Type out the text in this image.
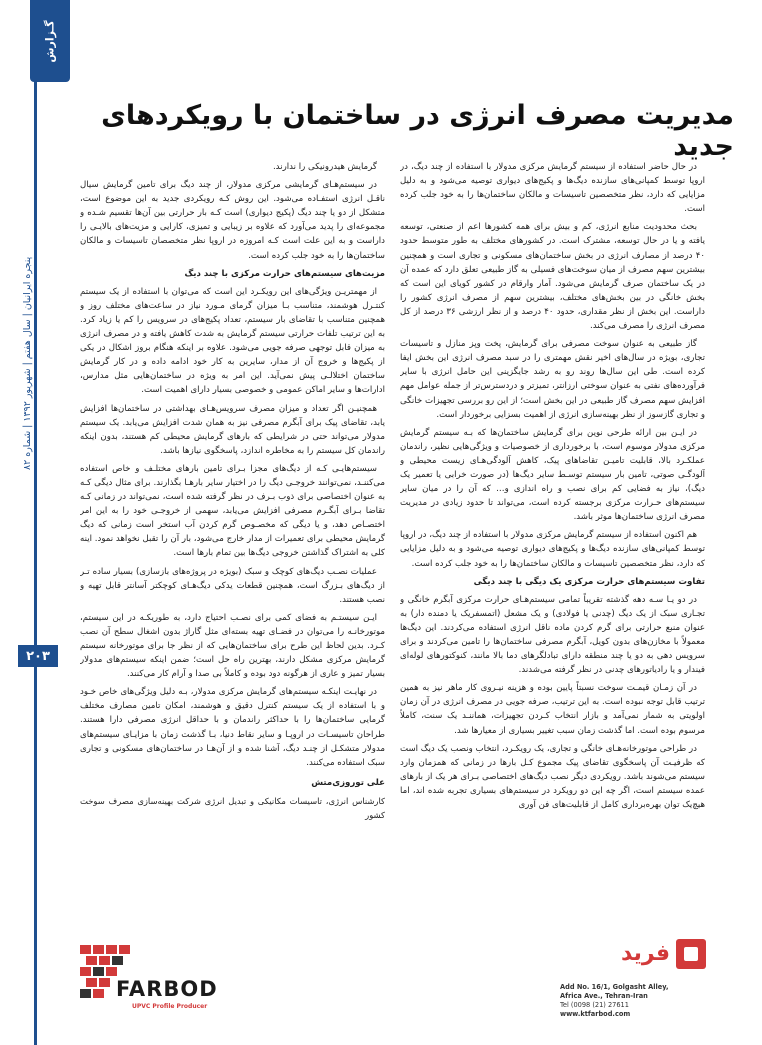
گـزارش
پنجره ایرانیان | سال هفتم | شهریور ۱۳۹۲ | شماره ۸۲
۲۰۳
مدیریت مصرف انرژی در ساختمان با رویکردهای جدید

در حال حاضر استفاده از سیستم گرمایش مرکزی مدولار با استفاده از چند دیگ، در اروپا توسط کمپانی‌های سازنده دیگ‌ها و پکیج‌های دیواری توصیه می‌شود و به دلیل مزایایی که دارد، نظر متخصصین تاسیسات و مالکان ساختمان‌ها را به خود جلب کرده است.

بحث محدودیت منابع انرژی، کم و بیش برای همه کشورها اعم از صنعتی، توسعه یافته و یا در حال توسعه، مشترک است. در کشورهای مختلف به طور متوسط حدود ۴۰ درصد از مصارف انرژی در بخش ساختمان‌های مسکونی و تجاری است و همچنین بیشترین سهم مصرف از میان سوخت‌های فسیلی به گاز طبیعی تعلق دارد که عمده آن در یک ساختمان صرف گرمایش می‌شود. آمار وارقام در کشور کویای این است که بخش خانگی در بین بخش‌های مختلف، بیشترین سهم از مصرف انرژی کشور را داراست. این بخش از نظر مقداری، حدود ۴۰ درصد و از نظر ارزشی ۳۶ درصد از کل مصرف انرژی را مصرف می‌کند.

گاز طبیعی به عنوان سوخت مصرفی برای گرمایش، پخت وپز منازل و تاسیسات تجاری، بویژه در سال‌های اخیر نقش مهمتری را در سبد مصرف انرژی این بخش ایفا کرده است. طی این سال‌ها روند رو به رشد جایگزینی این حامل انرژی با سایر فرآورده‌های نفتی به عنوان سوختی ارزانتر، تمیزتر و دردسترس‌تر از جمله عوامل مهم افزایش سهم مصرف گاز طبیعی در این بخش است؛ از این رو بررسی تجهیزات خانگی و تجاری گازسوز از نظر بهینه‌سازی انرژی از اهمیت بسزایی برخوردار است.

در ایـن بین ارائه طرحی نوین برای گرمایش ساختمان‌ها که بـه سیستم گرمایش مرکزی مدولار موسوم است، با برخورداری از خصوصیات و ویژگی‌هایی نظیر، راندمان عملکـرد بالا، قابلیت تامیـن تقاضاهای پیک، کاهش آلودگی‌هـای زیست محیطی و آلودگـی صوتی، تامین بار سیستم توسـط سایر دیگ‌ها (در صورت خرابی یا تعمیر یک دیگ)، نیاز به فضایی کم برای نصب و راه اندازی و… که آن‌ را در میان سایر سیستم‌های حـرارت مرکزی برجسته کرده است، می‌تواند تا حدود زیادی در مدیریت مصرف انرژی ساختمان‌ها موثر باشد.

هم اکنون استفاده از سیستم گرمایش مرکزی مدولار با استفاده از چند دیگ، در اروپا توسط کمپانی‌های سازنده دیگ‌ها و پکیج‌های دیواری توصیه می‌شود و به دلیل مزایایی که دارد، نظر متخصصین تاسیسات و مالکان ساختمان‌ها را به خود جلب کرده است.

تفاوت سیستم‌های حرارت مرکزی یک دیگی با چند دیگی

در دو یـا سـه دهه گذشته تقریباً تمامی سیستم‌هـای حرارت مرکزی آبگرم خانگی و تجـاری سبک از یک دیگ (چدنی یا فولادی) و یک مشعل (اتمسفریک یا دمنده دار) به عنوان منبع حرارتی برای گرم کردن ماده ناقل انرژی استفاده می‌کردند. این دیگ‌ها معمولاً با مخازن‌های بدون کویل، آبگرم مصرفی ساختمان‌ها را تامین می‌کردند و برای سرویس دهی به دو یا چند منطقه دارای تبادلگرهای دما بالا مانند، کنوکتورهای لوله‌ای فیندار و یا رادیاتورهای چدنی در نظر گرفته می‌شدند.

در آن زمـان قیمـت سوخت نسبتاً پایین بوده و هزینه نیـروی کار ماهر نیز به همین ترتیب قابل توجه نبوده است. به این ترتیب، صرفه جویی در مصرف انرژی در آن زمان اولویتی به شمار نمی‌آمد و بازار انتخاب کـردن تجهیزات، هماننـد یک سنت، کاملاً مرسوم بوده است. اما گذشت زمان سبب تغییر بسیاری از معیارها شد.

در طراحی موتورخانه‌هـای خانگی و تجاری، یک رویکـرد، انتخاب ونصب یک دیگ است که ظرفیـت آن پاسخگوی تقاضای پیک مجموع کـل بارها در زمانی که همزمان وارد سیستم می‌شوند باشد. رویکردی دیگر نصب دیگ‌های اختصاصی بـرای هر یک از بارهای عمده سیستم است، اگر چه این دو رویکرد در سیستم‌های بسیاری تجربه شده اند، اما هیچ‌یک توان بهره‌برداری کامل از قابلیت‌های فن آوری

گرمایش هیدرونیکی را ندارند.

در سیستم‌هـای گرمایشی مرکزی مدولار، از چند دیگ برای تامین گرمایش سیال ناقـل انرژی استفـاده می‌شود. این روش کـه رویکردی جدید به این موضوع است، متشکل از دو یا چند دیگ (پکیج دیواری) است کـه بار حرارتی بین آن‌ها تقسیم شـده و مجموعه‌ای را پدید می‌آورد که علاوه بر زیبایی و تمیزی، کارایی و مزیت‌های بالایـی را داراست و به این علت است کـه امروزه در اروپا نظر متخصصان تاسیسات و مالکان ساختمان‌ها را به خود جلب کرده است.

مزیت‌های سیستم‌های حرارت مرکزی با چند دیگ

از مهمتریـن ویژگی‌های این رویکـرد این است که می‌توان با استفاده از یک سیستم کنتـرل هوشمند، متناسب بـا میزان گرمای مـورد نیاز در ساعت‌های مختلف روز و همچنین متناسب با تقاضای بار سیستم، تعداد پکیج‌های در سرویس را کم یا زیاد کرد. به این ترتیب تلفات حرارتی سیستم گرمایش به شدت کاهش یافته و در مصرف انرژی به میزان قابل توجهی صرفه جویی می‌شود. علاوه بر اینکه هنگام بروز اشکال در یکی از پکیج‌ها و خروج آن از مدار، سایرین به کار خود ادامه داده و در کار گرمایش ساختمان اختلالـی پیش نمی‌آید. این امر به ویژه در ساختمان‌هایی مثل مدارس، ادارات‌ها و سایر اماکن عمومی و خصوصی بسیار دارای اهمیت است.

همچنیـن اگر تعداد و میزان مصرف سرویس‌هـای بهداشتی در ساختمان‌ها افزایش یابد، تقاضای پیک برای آبگرم مصرفی نیز به همان شدت افزایش می‌یابد. یک سیستم مدولار می‌تواند حتی در شرایطی که بارهای گرمایش محیطی کم هستند، بدون اینکه راندمان کل سیستم را به مخاطره اندازد، پاسخگوی نیازها باشد.

سیستم‌هایـی کـه از دیگ‌های مجزا بـرای تامین بارهای مختلـف و خاص استفاده می‌کننـد، نمی‌توانند خروجـی دیگ را در اختیار سایر بارهـا بگذارند. برای مثال دیگی کـه به عنوان اختصاصی برای ذوب بـرف در نظر گرفته شده است، نمی‌تواند در زمانی کـه تقاضا بـرای آبگـرم مصرفی افزایش می‌یابد، سهمی از خروجـی خود را به این امر اختصـاص دهد، و یا دیگی که مخصـوص گرم کردن آب استخر است زمانی که دیگ گرمایش محیطی برای تعمیرات از مدار خارج می‌شود، بار آن را تقبل نخواهد نمود. اینه کلی به اشتراک گذاشتن خروجی دیگ‌ها بین تمام بارها است.

عملیات نصـب دیگ‌های کوچک و سبک (بویژه در پروژه‌های بازسازی) بسیار ساده تـر از دیگ‌های بـزرگ است، همچنین قطعات یدکی دیگ‌هـای کوچکتر آسانتر قابل تهیه و نصب هستند.

ایـن سیستـم به فضای کمی برای نصـب احتیاج دارد، به طوریکـه در این سیستم، موتورخانـه را می‌توان در فضـای تهیه بسته‌ای مثل گاراژ بدون اشغال سطح آن نصب کـرد. بدین لحاظ این طرح برای ساختمان‌هایی که از نظر جا برای موتورخانه سیستم گرمایش مرکزی مشکل دارند، بهترین راه حل است؛ ضمن اینکه سیستم‌های مدولار بسیار تمیز و عاری از هرگونه دود بوده و کاملاً بی صدا و آرام کار می‌کنند.

در نهایـت اینکـه سیستم‌های گرمایش مرکزی مدولار، بـه دلیل ویژگی‌های خاص خـود و با استفاده از یک سیستم کنترل دقیق و هوشمند، امکان تامین مصارف مختلف گرمایی ساختمان‌ها را با حداکثر راندمان و با حداقل انرژی مصرفی دارا هستند. طراحان تاسیسـات در اروپـا و سایر نقاط دنیا، بـا گذشت زمان با مزایـای سیستم‌های مدولار متشکـل از چنـد دیگ، آشنا شده و از آن‌هـا در ساختمان‌های مسکونی و تجاری سبک استفاده می‌کنند.

علی توروزی‌متش

کارشناس انرژی، تاسیسات مکانیکی و تبدیل انرژی شرکت بهینه‌سازی مصرف سوخت کشور

FARBOD
UPVC Profile Producer
فرید
Add No. 16/1, Golgasht Alley,
Africa Ave., Tehran-Iran
Tel (0098 (21) 27611
www.ktfarbod.com
